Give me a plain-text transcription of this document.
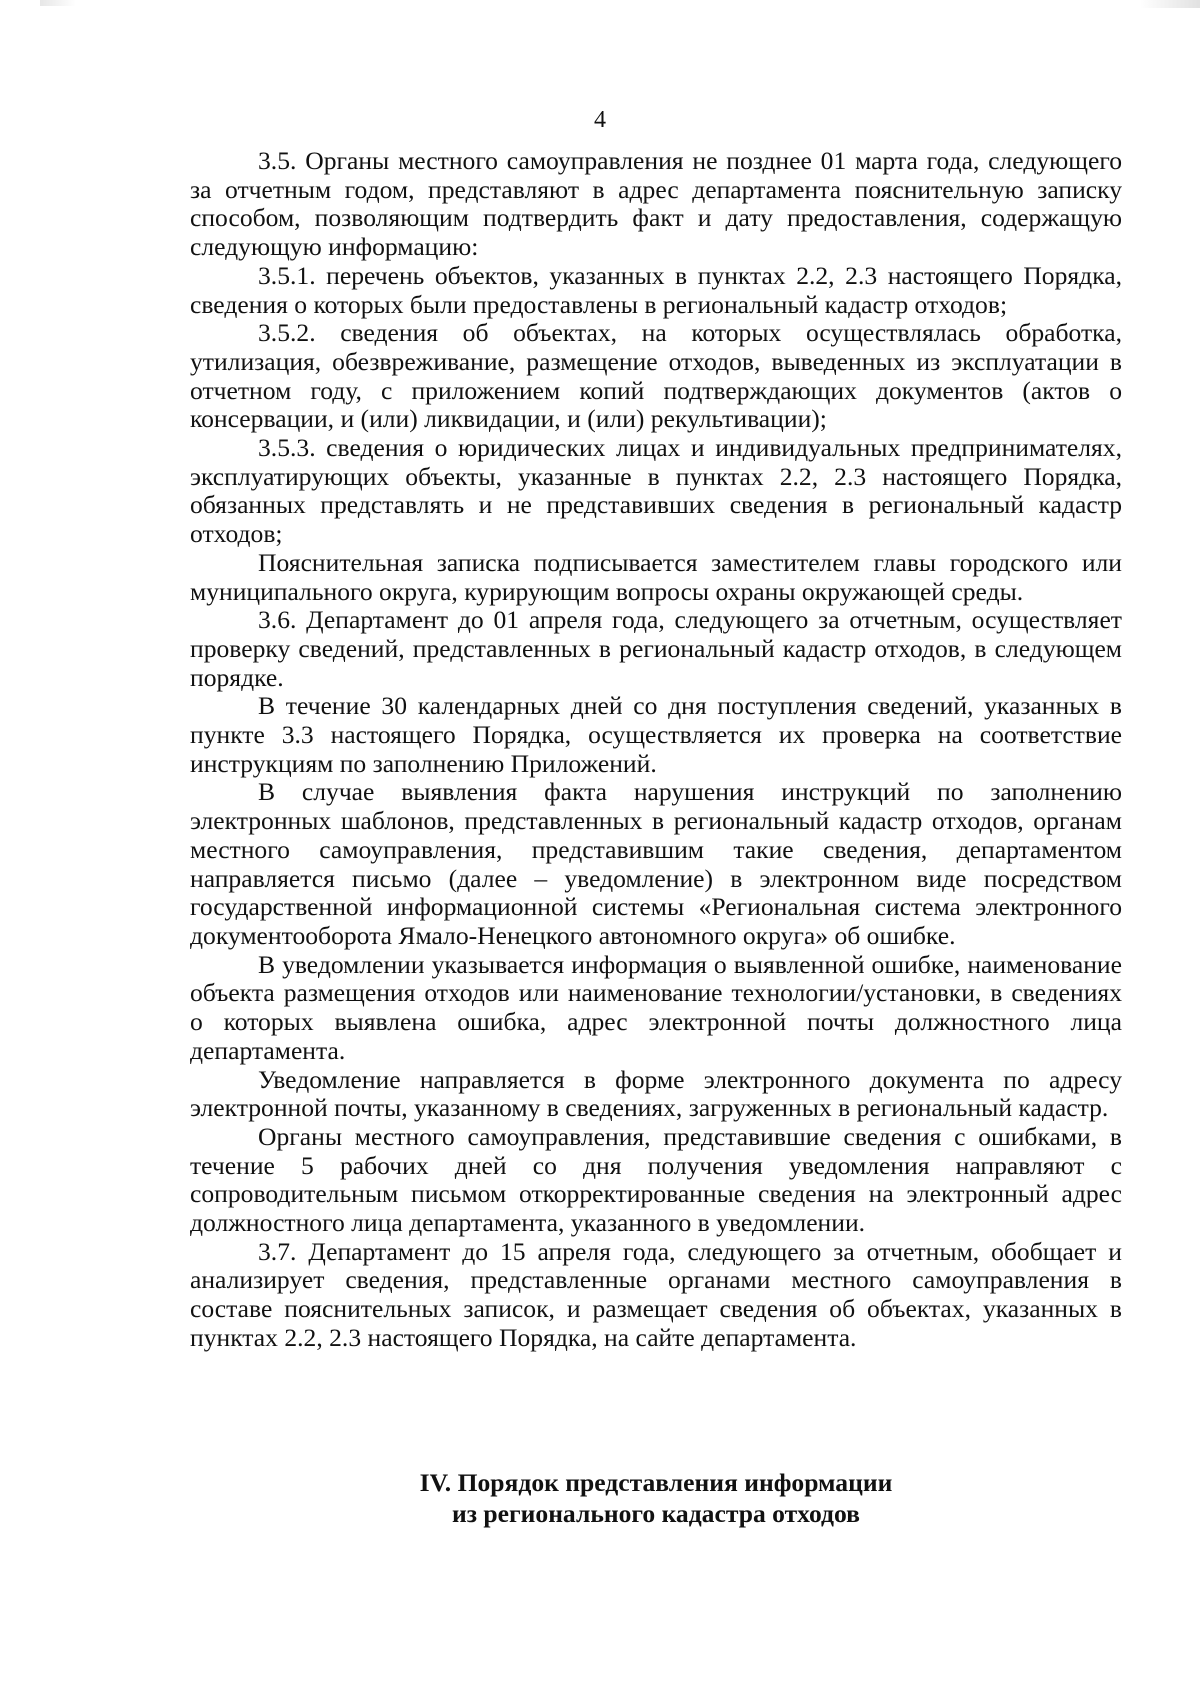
4

3.5. Органы местного самоуправления не позднее 01 марта года, следующего за отчетным годом, представляют в адрес департамента пояснительную записку способом, позволяющим подтвердить факт и дату предоставления, содержащую следующую информацию:

3.5.1. перечень объектов, указанных в пунктах 2.2, 2.3 настоящего Порядка, сведения о которых были предоставлены в региональный кадастр отходов;

3.5.2. сведения об объектах, на которых осуществлялась обработка, утилизация, обезвреживание, размещение отходов, выведенных из эксплуатации в отчетном году, с приложением копий подтверждающих документов (актов о консервации, и (или) ликвидации, и (или) рекультивации);

3.5.3. сведения о юридических лицах и индивидуальных предпринимателях, эксплуатирующих объекты, указанные в пунктах 2.2, 2.3 настоящего Порядка, обязанных представлять и не представивших сведения в региональный кадастр отходов;

Пояснительная записка подписывается заместителем главы городского или муниципального округа, курирующим вопросы охраны окружающей среды.

3.6. Департамент до 01 апреля года, следующего за отчетным, осуществляет проверку сведений, представленных в региональный кадастр отходов, в следующем порядке.

В течение 30 календарных дней со дня поступления сведений, указанных в пункте 3.3 настоящего Порядка, осуществляется их проверка на соответствие инструкциям по заполнению Приложений.

В случае выявления факта нарушения инструкций по заполнению электронных шаблонов, представленных в региональный кадастр отходов, органам местного самоуправления, представившим такие сведения, департаментом направляется письмо (далее – уведомление) в электронном виде посредством государственной информационной системы «Региональная система электронного документооборота Ямало-Ненецкого автономного округа» об ошибке.

В уведомлении указывается информация о выявленной ошибке, наименование объекта размещения отходов или наименование технологии/установки, в сведениях о которых выявлена ошибка, адрес электронной почты должностного лица департамента.

Уведомление направляется в форме электронного документа по адресу электронной почты, указанному в сведениях, загруженных в региональный кадастр.

Органы местного самоуправления, представившие сведения с ошибками, в течение 5 рабочих дней со дня получения уведомления направляют с сопроводительным письмом откорректированные сведения на электронный адрес должностного лица департамента, указанного в уведомлении.

3.7. Департамент до 15 апреля года, следующего за отчетным, обобщает и анализирует сведения, представленные органами местного самоуправления в составе пояснительных записок, и размещает сведения об объектах, указанных в пунктах 2.2, 2.3 настоящего Порядка, на сайте департамента.

IV. Порядок представления информации
из регионального кадастра отходов
